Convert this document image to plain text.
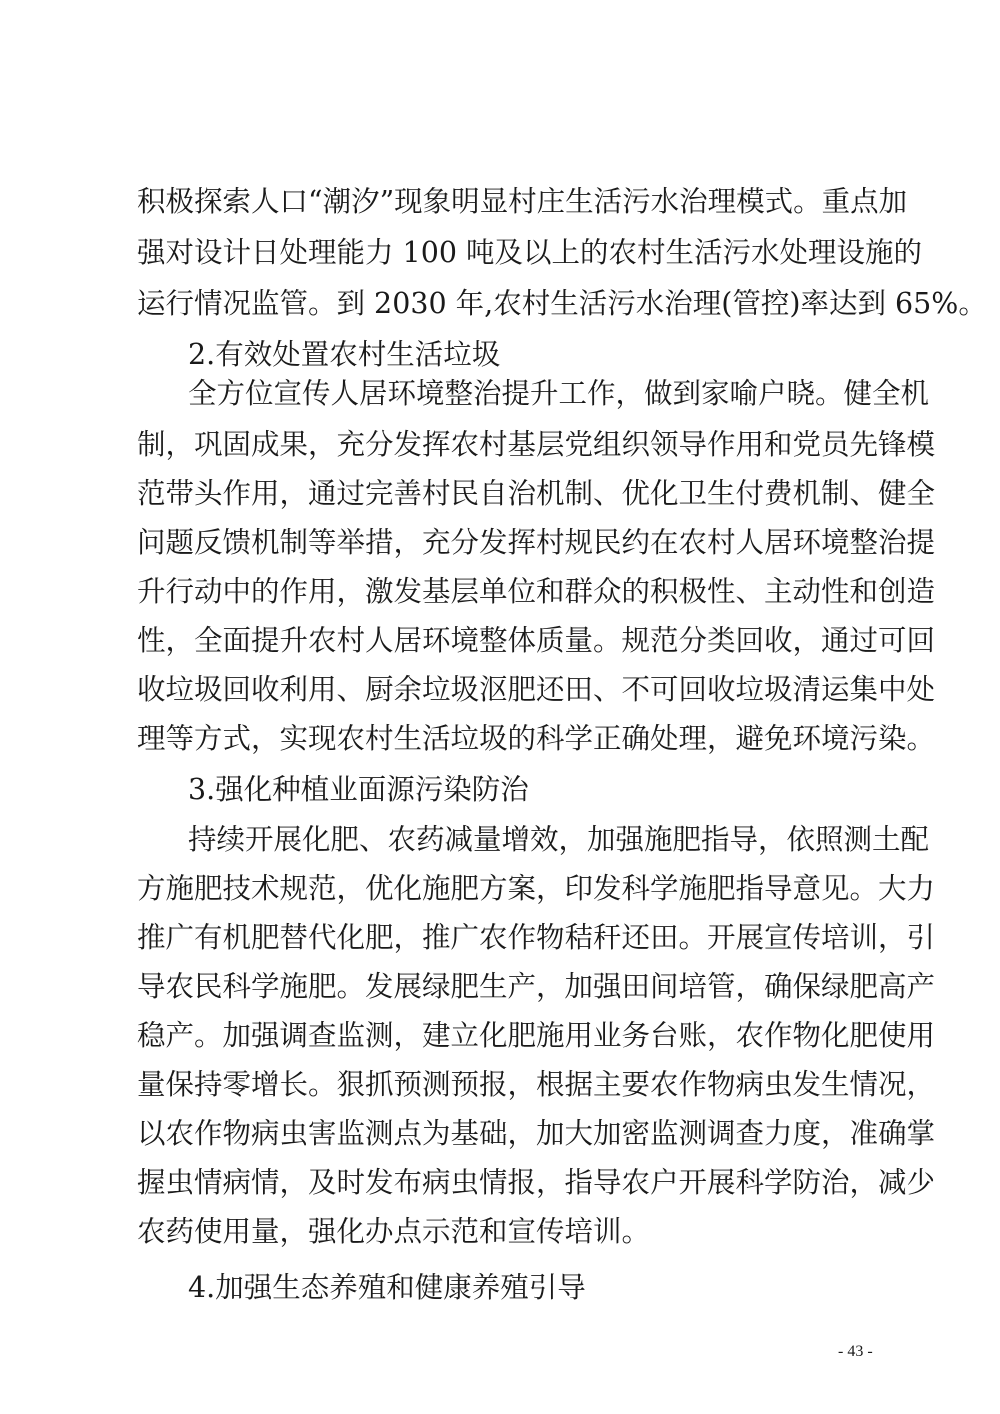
积极探索人口“潮汐”现象明显村庄生活污水治理模式。重点加
强对设计日处理能力 100 吨及以上的农村生活污水处理设施的
运行情况监管。到 2030 年,农村生活污水治理(管控)率达到 65%。
2.有效处置农村生活垃圾
全方位宣传人居环境整治提升工作，做到家喻户晓。健全机
制，巩固成果，充分发挥农村基层党组织领导作用和党员先锋模
范带头作用，通过完善村民自治机制、优化卫生付费机制、健全
问题反馈机制等举措，充分发挥村规民约在农村人居环境整治提
升行动中的作用，激发基层单位和群众的积极性、主动性和创造
性，全面提升农村人居环境整体质量。规范分类回收，通过可回
收垃圾回收利用、厨余垃圾沤肥还田、不可回收垃圾清运集中处
理等方式，实现农村生活垃圾的科学正确处理，避免环境污染。
3.强化种植业面源污染防治
持续开展化肥、农药减量增效，加强施肥指导，依照测土配
方施肥技术规范，优化施肥方案，印发科学施肥指导意见。大力
推广有机肥替代化肥，推广农作物秸秆还田。开展宣传培训，引
导农民科学施肥。发展绿肥生产，加强田间培管，确保绿肥高产
稳产。加强调查监测，建立化肥施用业务台账，农作物化肥使用
量保持零增长。狠抓预测预报，根据主要农作物病虫发生情况，
以农作物病虫害监测点为基础，加大加密监测调查力度，准确掌
握虫情病情，及时发布病虫情报，指导农户开展科学防治，减少
农药使用量，强化办点示范和宣传培训。
4.加强生态养殖和健康养殖引导
- 43 -
